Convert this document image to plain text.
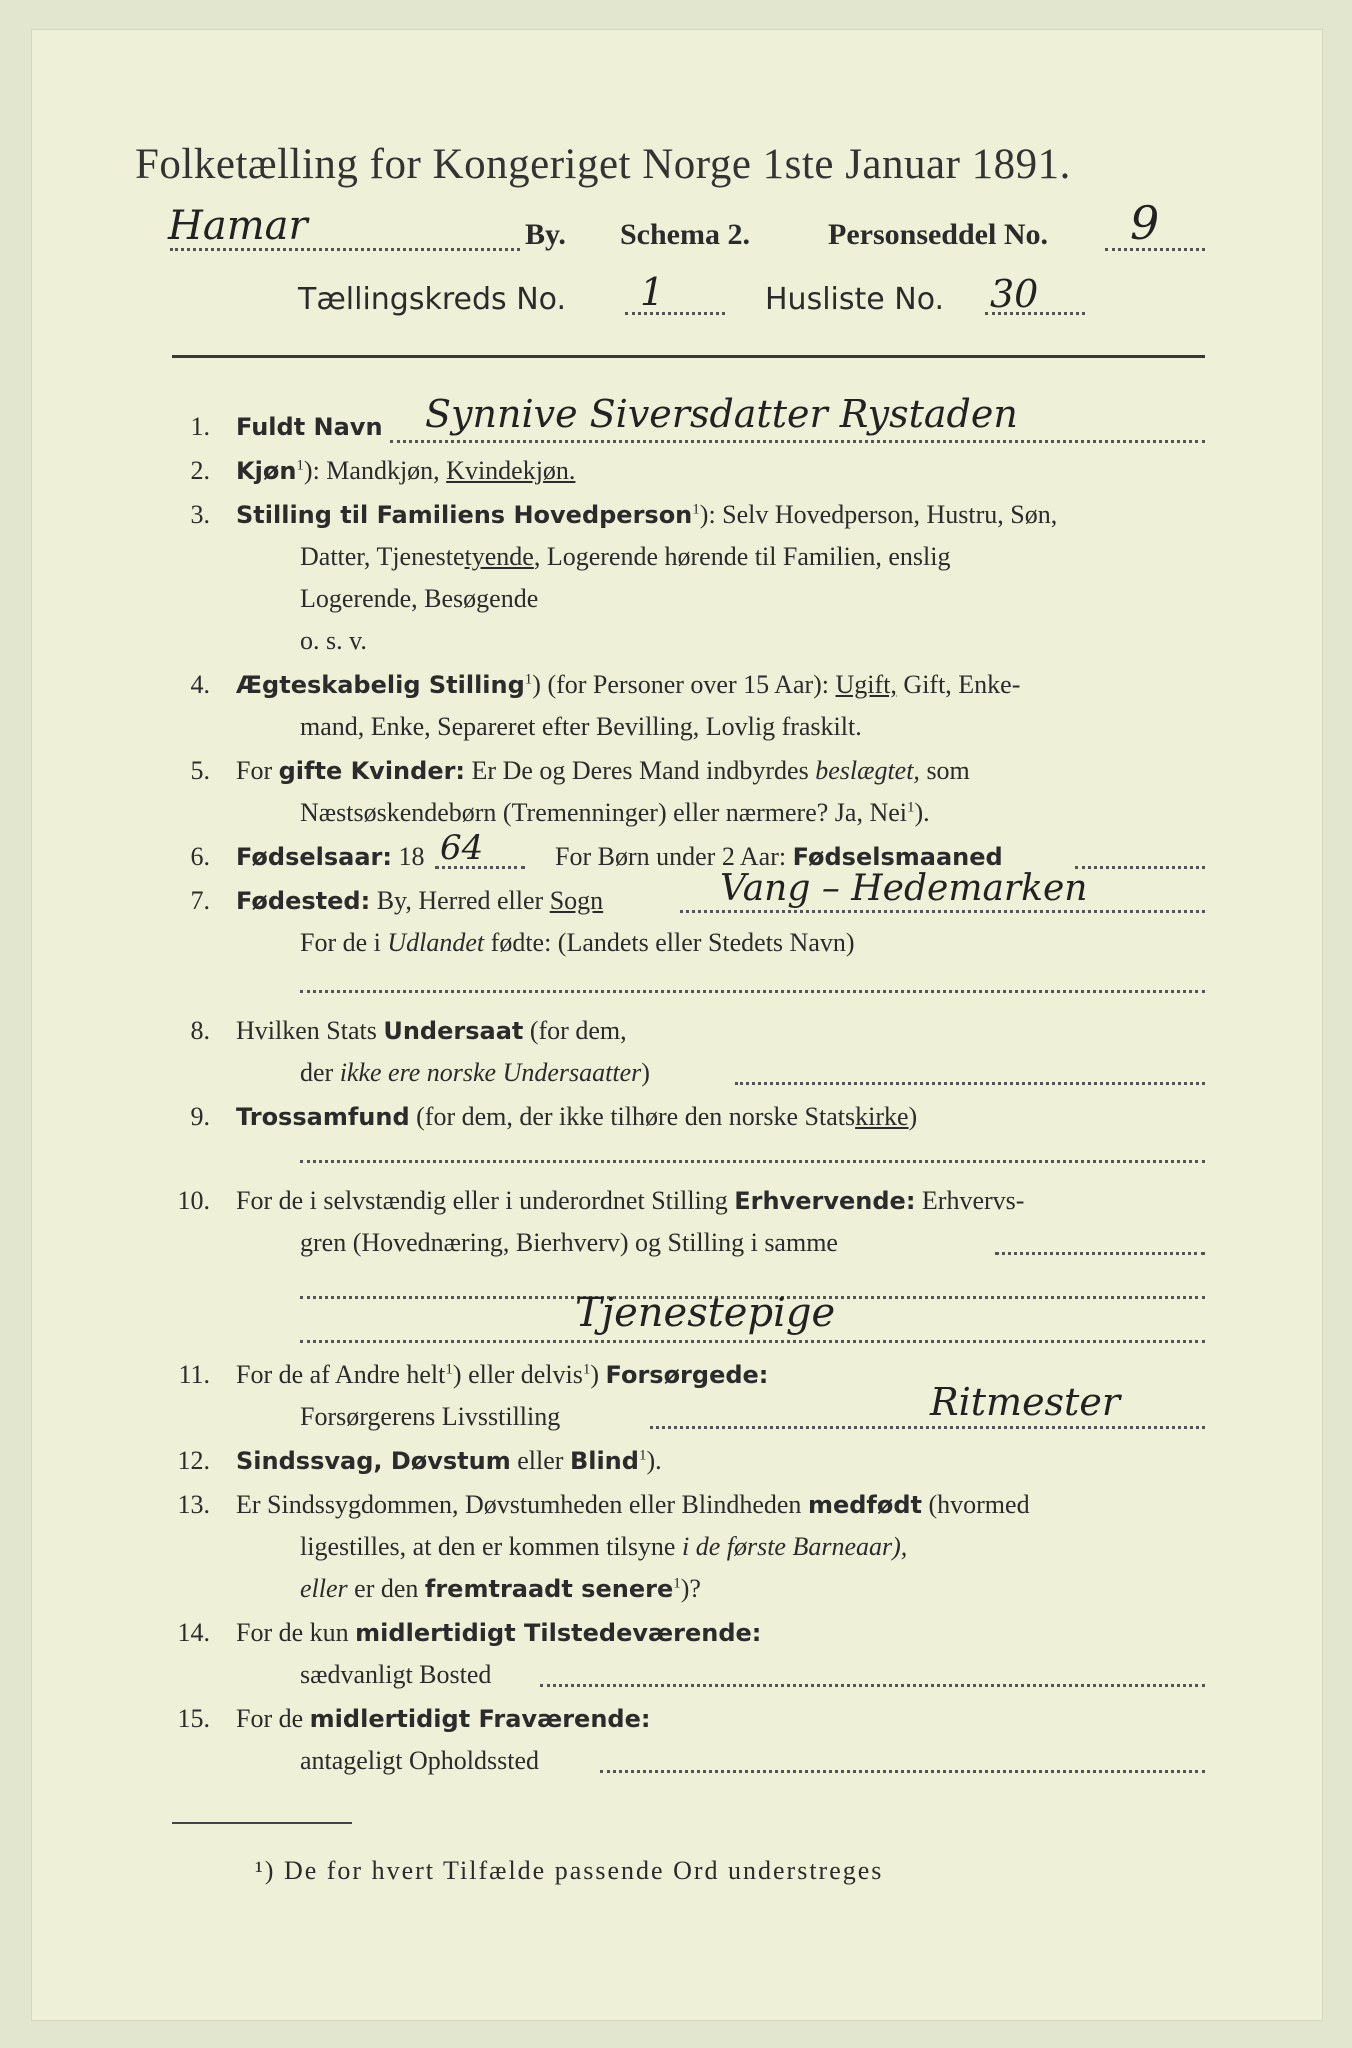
Folketælling for Kongeriget Norge 1ste Januar 1891.
Hamar	By. Schema 2.	Personseddel No. 9
Tællingskreds No. 1	Husliste No. 30
1. Fuldt Navn Synnive Siversdatter Rystaden
2. Kjøn$^1$): Mandkjøn, Kvindekjøn.
3. Stilling til Familiens Hovedperson$^1$): Selv Hovedperson, Hustru, Søn,
Datter, Tjenestetyende, Logerende hørende til Familien, enslig
Logerende, Besøgende
o. s. v.
4. Ægteskabelig Stilling$^1$) (for Personer over 15 Aar): Ugift, Gift, Enke-
mand, Enke, Separeret efter Bevilling, Lovlig fraskilt.
5. For gifte Kvinder: Er De og Deres Mand indbyrdes beslægtet, som
Næstsøskendebørn (Tremenninger) eller nærmere? Ja, Nei$^1$).
6. Fødselsaar: 18 64	For Børn under 2 Aar: Fødselsmaaned
7. Fødested: By, Herred eller Sogn	Vang – Hedemarken
For de i Udlandet fødte: (Landets eller Stedets Navn)
8. Hvilken Stats Undersaat (for dem,
der ikke ere norske Undersaatter)
9. Trossamfund (for dem, der ikke tilhøre den norske Statskirke)
10. For de i selvstændig eller i underordnet Stilling Erhvervende: Erhvervs-
gren (Hovednæring, Bierhverv) og Stilling i samme
Tjenestepige
11. For de af Andre helt$^1$) eller delvis$^1$) Forsørgede:
Forsørgerens Livsstilling	Ritmester
12. Sindssvag, Døvstum eller Blind$^1$).
13. Er Sindssygdommen, Døvstumheden eller Blindheden medfødt (hvormed
ligestilles, at den er kommen tilsyne i de første Barneaar),
eller er den fremtraadt senere$^1$)?
14. For de kun midlertidigt Tilstedeværende:
sædvanligt Bosted
15. For de midlertidigt Fraværende:
antageligt Opholdssted
¹) De for hvert Tilfælde passende Ord understreges
